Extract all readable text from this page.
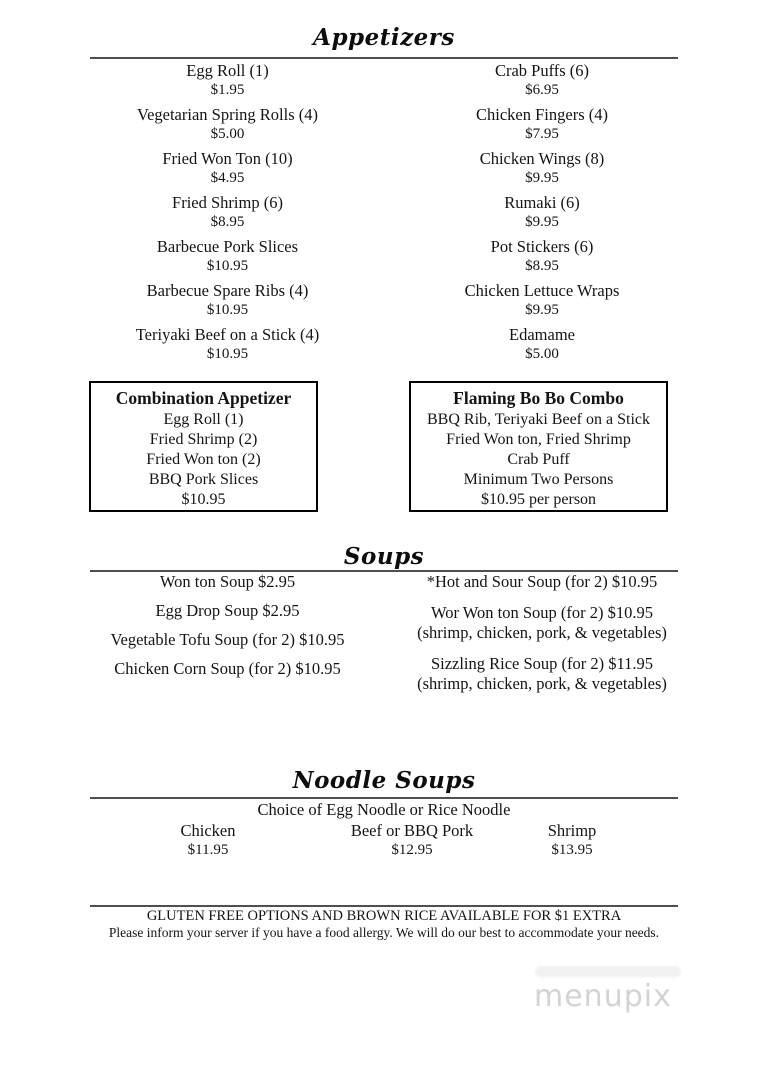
Appetizers
Egg Roll (1)
$1.95
Vegetarian Spring Rolls (4)
$5.00
Fried Won Ton (10)
$4.95
Fried Shrimp (6)
$8.95
Barbecue Pork Slices
$10.95
Barbecue Spare Ribs (4)
$10.95
Teriyaki Beef on a Stick (4)
$10.95
Crab Puffs (6)
$6.95
Chicken Fingers (4)
$7.95
Chicken Wings (8)
$9.95
Rumaki (6)
$9.95
Pot Stickers (6)
$8.95
Chicken Lettuce Wraps
$9.95
Edamame
$5.00
Combination Appetizer
Egg Roll (1)
Fried Shrimp (2)
Fried Won ton (2)
BBQ Pork Slices
$10.95
Flaming Bo Bo Combo
BBQ Rib, Teriyaki Beef on a Stick
Fried Won ton, Fried Shrimp
Crab Puff
Minimum Two Persons
$10.95 per person
Soups
Won ton Soup $2.95
Egg Drop Soup $2.95
Vegetable Tofu Soup (for 2) $10.95
Chicken Corn Soup (for 2) $10.95
*Hot and Sour Soup (for 2) $10.95
Wor Won ton Soup (for 2) $10.95
(shrimp, chicken, pork, & vegetables)
Sizzling Rice Soup (for 2) $11.95
(shrimp, chicken, pork, & vegetables)
Noodle Soups
Choice of Egg Noodle or Rice Noodle
Chicken
$11.95
Beef or BBQ Pork
$12.95
Shrimp
$13.95
GLUTEN FREE OPTIONS AND BROWN RICE AVAILABLE FOR $1 EXTRA
Please inform your server if you have a food allergy. We will do our best to accommodate your needs.
menupix
